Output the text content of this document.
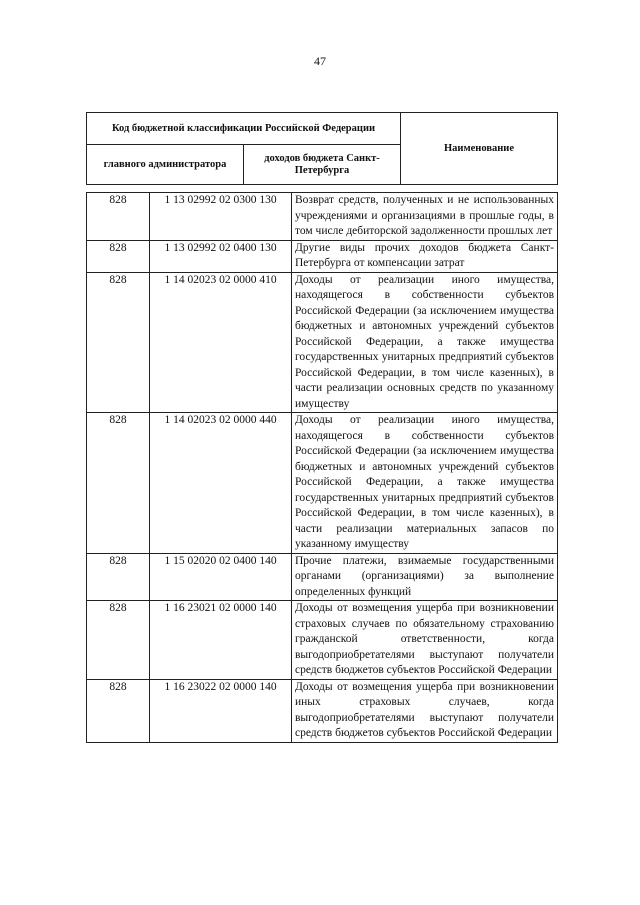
47
Код бюджетной классификации Российской Федерации		Наименование
главного администратора	доходов бюджета Санкт-Петербурга	
828	1 13 02992 02 0300 130	Возврат средств, полученных и не использованных учреждениями и организациями в прошлые годы, в том числе дебиторской задолженности прошлых лет
828	1 13 02992 02 0400 130	Другие виды прочих доходов бюджета Санкт-Петербурга от компенсации затрат
828	1 14 02023 02 0000 410	Доходы от реализации иного имущества, находящегося в собственности субъектов Российской Федерации (за исключением имущества бюджетных и автономных учреждений субъектов Российской Федерации, а также имущества государственных унитарных предприятий субъектов Российской Федерации, в том числе казенных), в части реализации основных средств по указанному имуществу
828	1 14 02023 02 0000 440	Доходы от реализации иного имущества, находящегося в собственности субъектов Российской Федерации (за исключением имущества бюджетных и автономных учреждений субъектов Российской Федерации, а также имущества государственных унитарных предприятий субъектов Российской Федерации, в том числе казенных), в части реализации материальных запасов по указанному имуществу
828	1 15 02020 02 0400 140	Прочие платежи, взимаемые государственными органами (организациями) за выполнение определенных функций
828	1 16 23021 02 0000 140	Доходы от возмещения ущерба при возникновении страховых случаев по обязательному страхованию гражданской ответственности, когда выгодоприобретателями выступают получатели средств бюджетов субъектов Российской Федерации
828	1 16 23022 02 0000 140	Доходы от возмещения ущерба при возникновении иных страховых случаев, когда выгодоприобретателями выступают получатели средств бюджетов субъектов Российской Федерации
